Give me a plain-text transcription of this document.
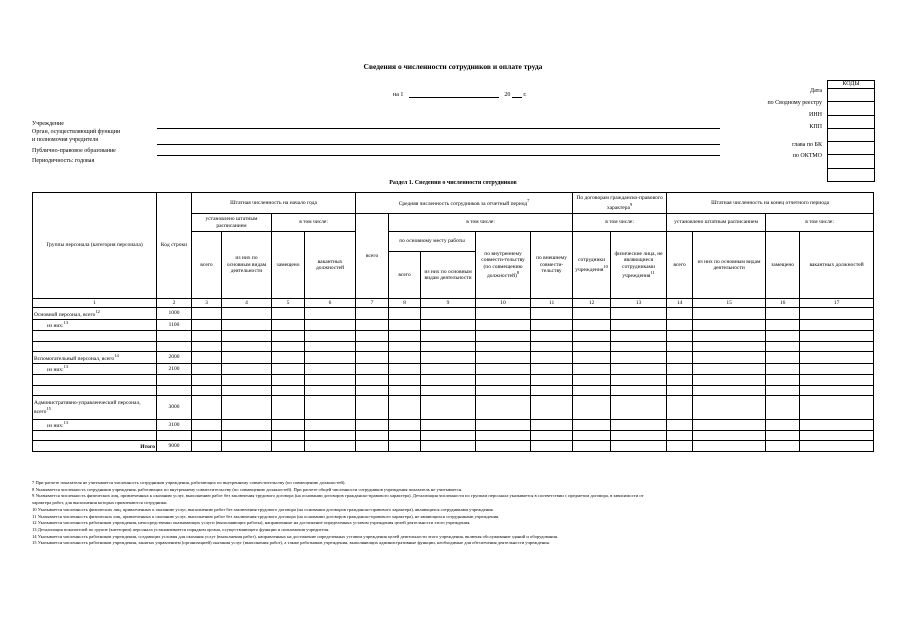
Сведения о численности сотрудников и оплате труда
на 1	20 г.
Учреждение
Орган, осуществляющий функции
и полномочия учредителя
Публично-правовое образование
Периодичность: годовая
Дата
по Сводному реестру
ИНН
КПП
глава по БК
по ОКТМО
КОДЫ
Раздел 1. Сведения о численности сотрудников
Группы персонала (категория персонала)	Код строки	Штатная численность на начало года				Средняя численность сотрудников за отчетный период$^7$					По договорам гражданско-правового характера$^9$		Штатная численность на конец отчетного периода			
		установлено штатным расписанием		в том числе:		всего	в том числе:				в том числе:		установлено штатным расписанием		в том числе:	
		всего	из них по основным видам деятельности	замещено	вакантных должностей		по основному месту работы		по внутреннему совмести-тельству (по совмещению должностей)$^8$	по внешнему совмести-тельству	сотрудники учреждения$^{10}$	физические лица, не являющиеся сотрудниками учреждения$^{11}$	всего	из них по основным видам деятельности	замещено	вакантных должностей
							всего	из них по основным видам деятельности								
1	2	3	4	5	6	7	8	9	10	11	12	13	14	15	16	17
Основной персонал, всего$^{12}$	1000															
из них:$^{13}$	1100															

Вспомогательный персонал, всего$^{14}$	2000															
из них:$^{13}$	2100															

Административно-управленческий персонал, всего$^{15}$	3000															
из них:$^{13}$	3100															

Итого	9000															
7 При расчете показателя не учитывается численность сотрудников учреждения, работающих по внутреннему совместительству (по совмещению должностей).
8 Указывается численность сотрудников учреждения, работающих по внутреннему совместительству (по совмещению должностей). При расчете общей численности сотрудников учреждения показатель не учитывается.
9 Указывается численность физических лиц, привлеченных к оказанию услуг, выполнению работ без заключения трудового договора (на основании договоров гражданско-правового характера). Детализация численности по группам персонала указывается в соответствии с предметом договора, в зависимости от
характера работ, для выполнения которых привлекаются сотрудники.
10 Указывается численность физических лиц, привлеченных к оказанию услуг, выполнению работ без заключения трудового договора (на основании договоров гражданско-правового характера), являющихся сотрудниками учреждения.
11 Указывается численность физических лиц, привлеченных к оказанию услуг, выполнению работ без заключения трудового договора (на основании договоров гражданско-правового характера), не являющихся сотрудниками учреждения.
12 Указывается численность работников учреждения, непосредственно оказывающих услуги (выполняющих работы), направленные на достижение определенных уставом учреждения целей деятельности этого учреждения.
13 Детализация показателей по группе (категории) персонала устанавливается порядком органа, осуществляющего функции и полномочия учредителя.
14 Указывается численность работников учреждения, создающих условия для оказания услуг (выполнения работ), направленных на достижение определенных уставом учреждения целей деятельности этого учреждения, включая обслуживание зданий и оборудования.
15 Указывается численность работников учреждения, занятых управлением (организацией) оказания услуг (выполнения работ), а также работников учреждения, выполняющих административные функции, необходимые для обеспечения деятельности учреждения.
